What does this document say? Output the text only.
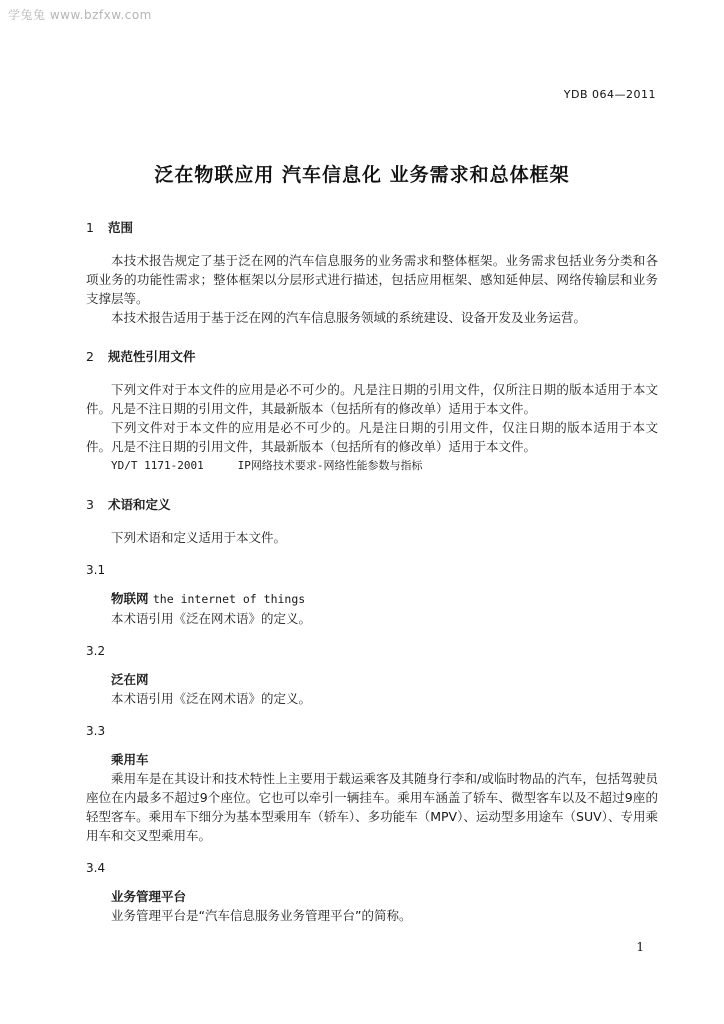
学兔兔 www.bzfxw.com
YDB 064—2011
泛在物联应用 汽车信息化 业务需求和总体框架
1 范围

本技术报告规定了基于泛在网的汽车信息服务的业务需求和整体框架。业务需求包括业务分类和各项业务的功能性需求；整体框架以分层形式进行描述，包括应用框架、感知延伸层、网络传输层和业务支撑层等。

本技术报告适用于基于泛在网的汽车信息服务领域的系统建设、设备开发及业务运营。

2 规范性引用文件

下列文件对于本文件的应用是必不可少的。凡是注日期的引用文件，仅所注日期的版本适用于本文件。凡是不注日期的引用文件，其最新版本（包括所有的修改单）适用于本文件。

下列文件对于本文件的应用是必不可少的。凡是注日期的引用文件，仅注日期的版本适用于本文件。凡是不注日期的引用文件，其最新版本（包括所有的修改单）适用于本文件。

YD/T 1171-2001	IP网络技术要求-网络性能参数与指标

3 术语和定义

下列术语和定义适用于本文件。

3.1

物联网 the internet of things

本术语引用《泛在网术语》的定义。

3.2

泛在网

本术语引用《泛在网术语》的定义。

3.3

乘用车

乘用车是在其设计和技术特性上主要用于载运乘客及其随身行李和/或临时物品的汽车，包括驾驶员座位在内最多不超过9个座位。它也可以牵引一辆挂车。乘用车涵盖了轿车、微型客车以及不超过9座的轻型客车。乘用车下细分为基本型乘用车（轿车）、多功能车（MPV）、运动型多用途车（SUV）、专用乘用车和交叉型乘用车。

3.4

业务管理平台

业务管理平台是“汽车信息服务业务管理平台”的简称。

1
